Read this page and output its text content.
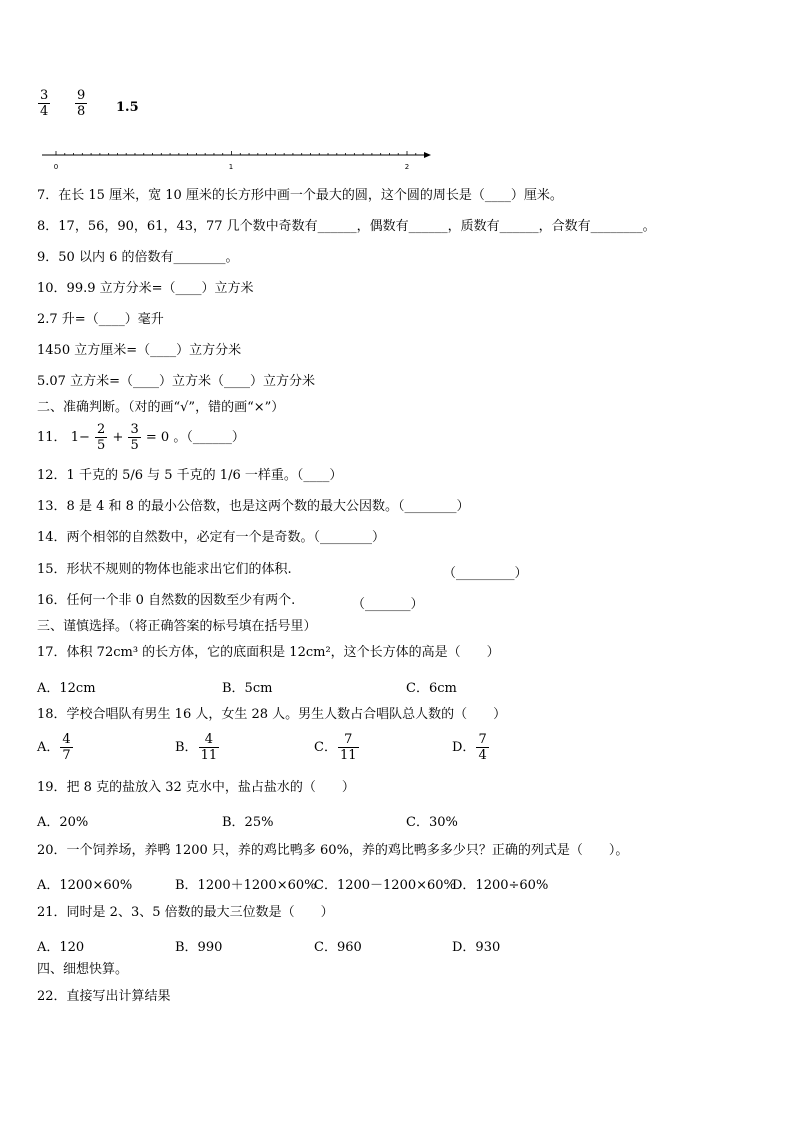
$\frac{3}{4} \frac{9}{8} 1.5$
0	1	2
7．在长 15 厘米，宽 10 厘米的长方形中画一个最大的圆，这个圆的周长是（____）厘米。
8．17，56，90，61，43，77 几个数中奇数有______，偶数有______，质数有______，合数有________。
9．50 以内 6 的倍数有________。
10．99.9 立方分米=（____）立方米
2.7 升=（____）毫升
1450 立方厘米=（____）立方分米
5.07 立方米=（____）立方米（____）立方分米
二、准确判断。（对的画“√”，错的画“×”）
11． $1- \frac{2}{5} + \frac{3}{5} = 0$ 。（______）
12．1 千克的 5/6 与 5 千克的 1/6 一样重。（____）
13．8 是 4 和 8 的最小公倍数，也是这两个数的最大公因数。（________）
14．两个相邻的自然数中，必定有一个是奇数。（________）
15．形状不规则的物体也能求出它们的体积.	（_________）
16．任何一个非 0 自然数的因数至少有两个.	（_______）
三、谨慎选择。（将正确答案的标号填在括号里）
17．体积 72cm³ 的长方体，它的底面积是 12cm²，这个长方体的高是（　　）
A．12cm	B．5cm	C．6cm
18．学校合唱队有男生 16 人，女生 28 人。男生人数占合唱队总人数的（　　）
A． $\frac{4}{7}$	B． $\frac{4}{11}$	C． $\frac{7}{11}$	D． $\frac{7}{4}$
19．把 8 克的盐放入 32 克水中，盐占盐水的（　　）
A．20%	B．25%	C．30%
20．一个饲养场，养鸭 1200 只，养的鸡比鸭多 60%，养的鸡比鸭多多少只？正确的列式是（　　）。
A．1200×60%	B．1200＋1200×60%
C．1200－1200×60%
D．1200÷60%
21．同时是 2、3、5 倍数的最大三位数是（　　）
A．120	B．990	C．960	D．930
四、细想快算。
22．直接写出计算结果
